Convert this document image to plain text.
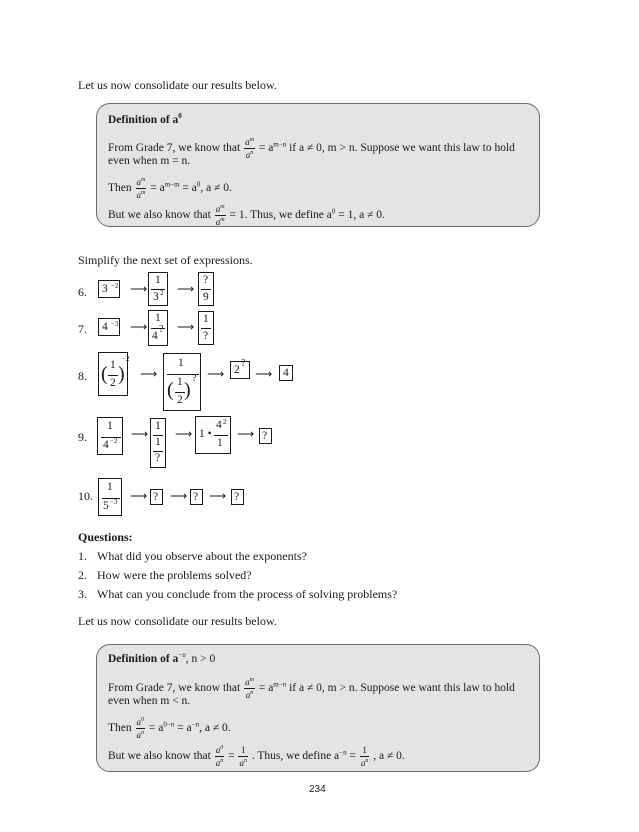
Let us now consolidate our results below.
Definition of $a^0$
From Grade 7, we know that $\frac{a^m}{a^n} = a^{m-n}$ if a ≠ 0, m > n. Suppose we want this law to hold
even when m = n.
Then $\frac{a^m}{a^m} = a^{m-m} = a^0$, a ≠ 0.
But we also know that $\frac{a^m}{a^m} = 1$. Thus, we define $a^0 = 1$, a ≠ 0.
Simplify the next set of expressions.
6. 3 −2 ⟶
1
3 2 ⟶
?
9
7. 4 −3 ⟶
1
4
? ⟶
1
?
8. ( 1
2 )
−2
⟶
1
( 1
2 )
? ⟶ 2
?
⟶ 4
9.
1
4 −2 ⟶
1
1
?
⟶ 1 •
4 2
1
⟶ ?
10.
1
5 −3 ⟶ ? ⟶ ? ⟶ ?
Questions:
1. What did you observe about the exponents?
2. How were the problems solved?
3. What can you conclude from the process of solving problems?
Let us now consolidate our results below.
Definition of $a^{-n}$, n > 0
From Grade 7, we know that $\frac{a^m}{a^n} = a^{m-n}$ if a ≠ 0, m > n. Suppose we want this law to hold
even when m < n.
Then $\frac{a^0}{a^n} = a^{0-n} = a^{-n}$, a ≠ 0.
But we also know that $\frac{a^0}{a^n} = \frac{1}{a^n}$ . Thus, we define $a^{-n} = \frac{1}{a^n}$ , a ≠ 0.
234
